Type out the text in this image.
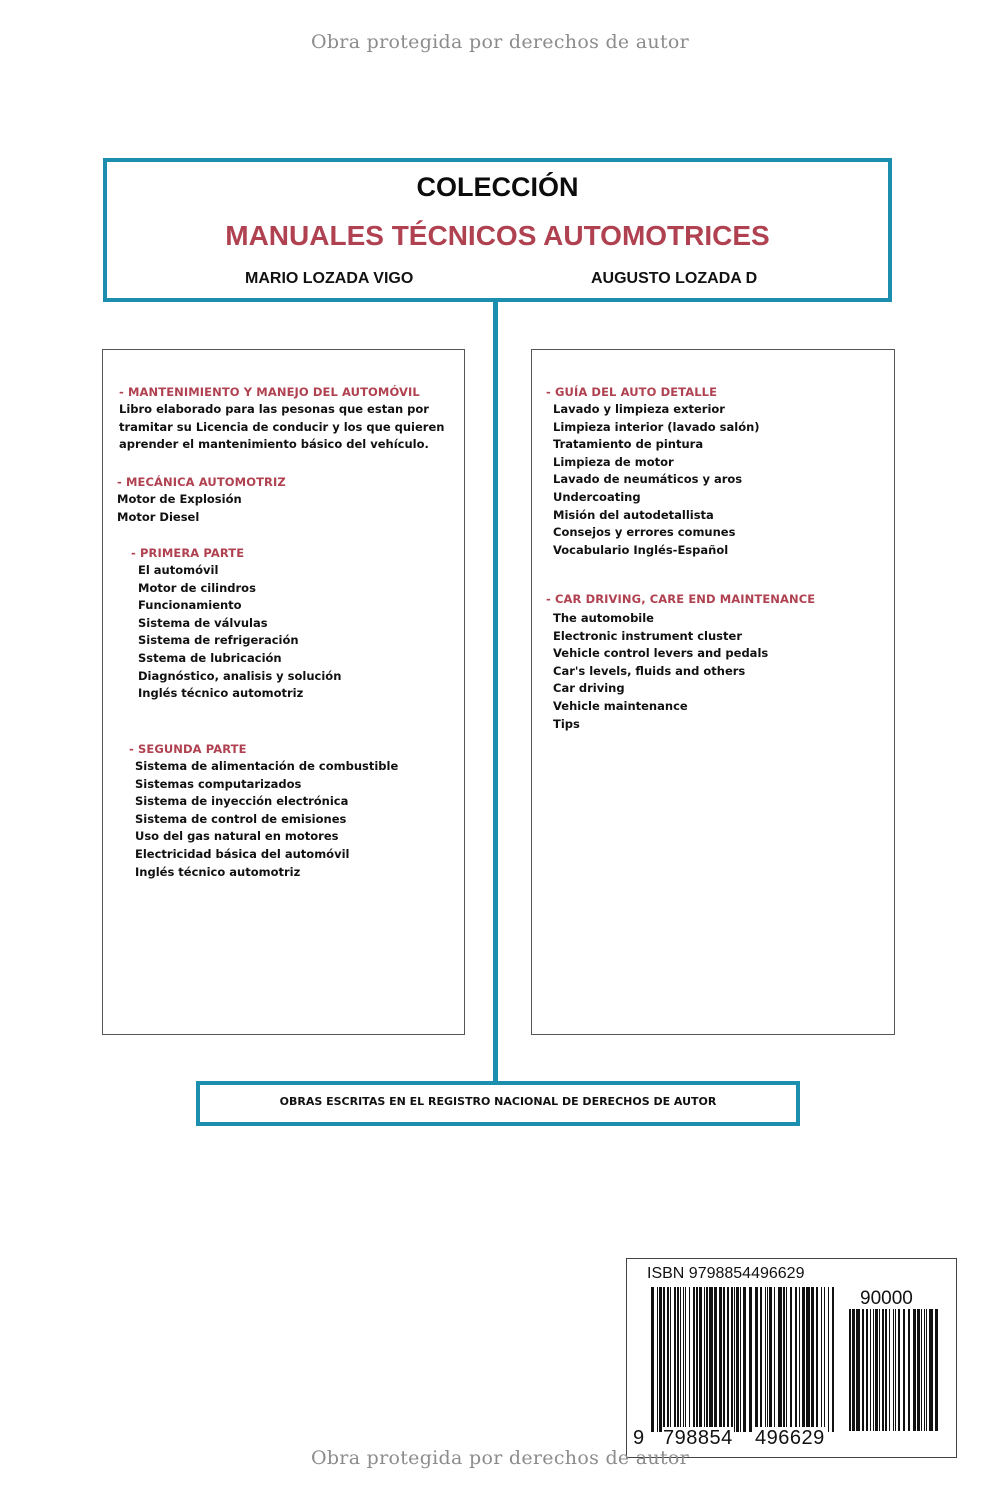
Obra protegida por derechos de autor
COLECCIÓN
MANUALES TÉCNICOS AUTOMOTRICES
MARIO LOZADA VIGO	AUGUSTO LOZADA D
- MANTENIMIENTO Y MANEJO DEL AUTOMÓVIL
Libro elaborado para las pesonas que estan por
tramitar su Licencia de conducir y los que quieren
aprender el mantenimiento básico del vehículo.
- MECÁNICA AUTOMOTRIZ
Motor de Explosión
Motor Diesel
- PRIMERA PARTE
El automóvil
Motor de cilindros
Funcionamiento
Sistema de válvulas
Sistema de refrigeración
Sstema de lubricación
Diagnóstico, analisis y solución
Inglés técnico automotriz
- SEGUNDA PARTE
Sistema de alimentación de combustible
Sistemas computarizados
Sistema de inyección electrónica
Sistema de control de emisiones
Uso del gas natural en motores
Electricidad básica del automóvil
Inglés técnico automotriz
- GUÍA DEL AUTO DETALLE
Lavado y limpieza exterior
Limpieza interior (lavado salón)
Tratamiento de pintura
Limpieza de motor
Lavado de neumáticos y aros
Undercoating
Misión del autodetallista
Consejos y errores comunes
Vocabulario Inglés-Español
- CAR DRIVING, CARE END MAINTENANCE
The automobile
Electronic instrument cluster
Vehicle control levers and pedals
Car's levels, fluids and others
Car driving
Vehicle maintenance
Tips
OBRAS ESCRITAS EN EL REGISTRO NACIONAL DE DERECHOS DE AUTOR
ISBN 9798854496629
90000
9 798854 496629
Obra protegida por derechos de autor
